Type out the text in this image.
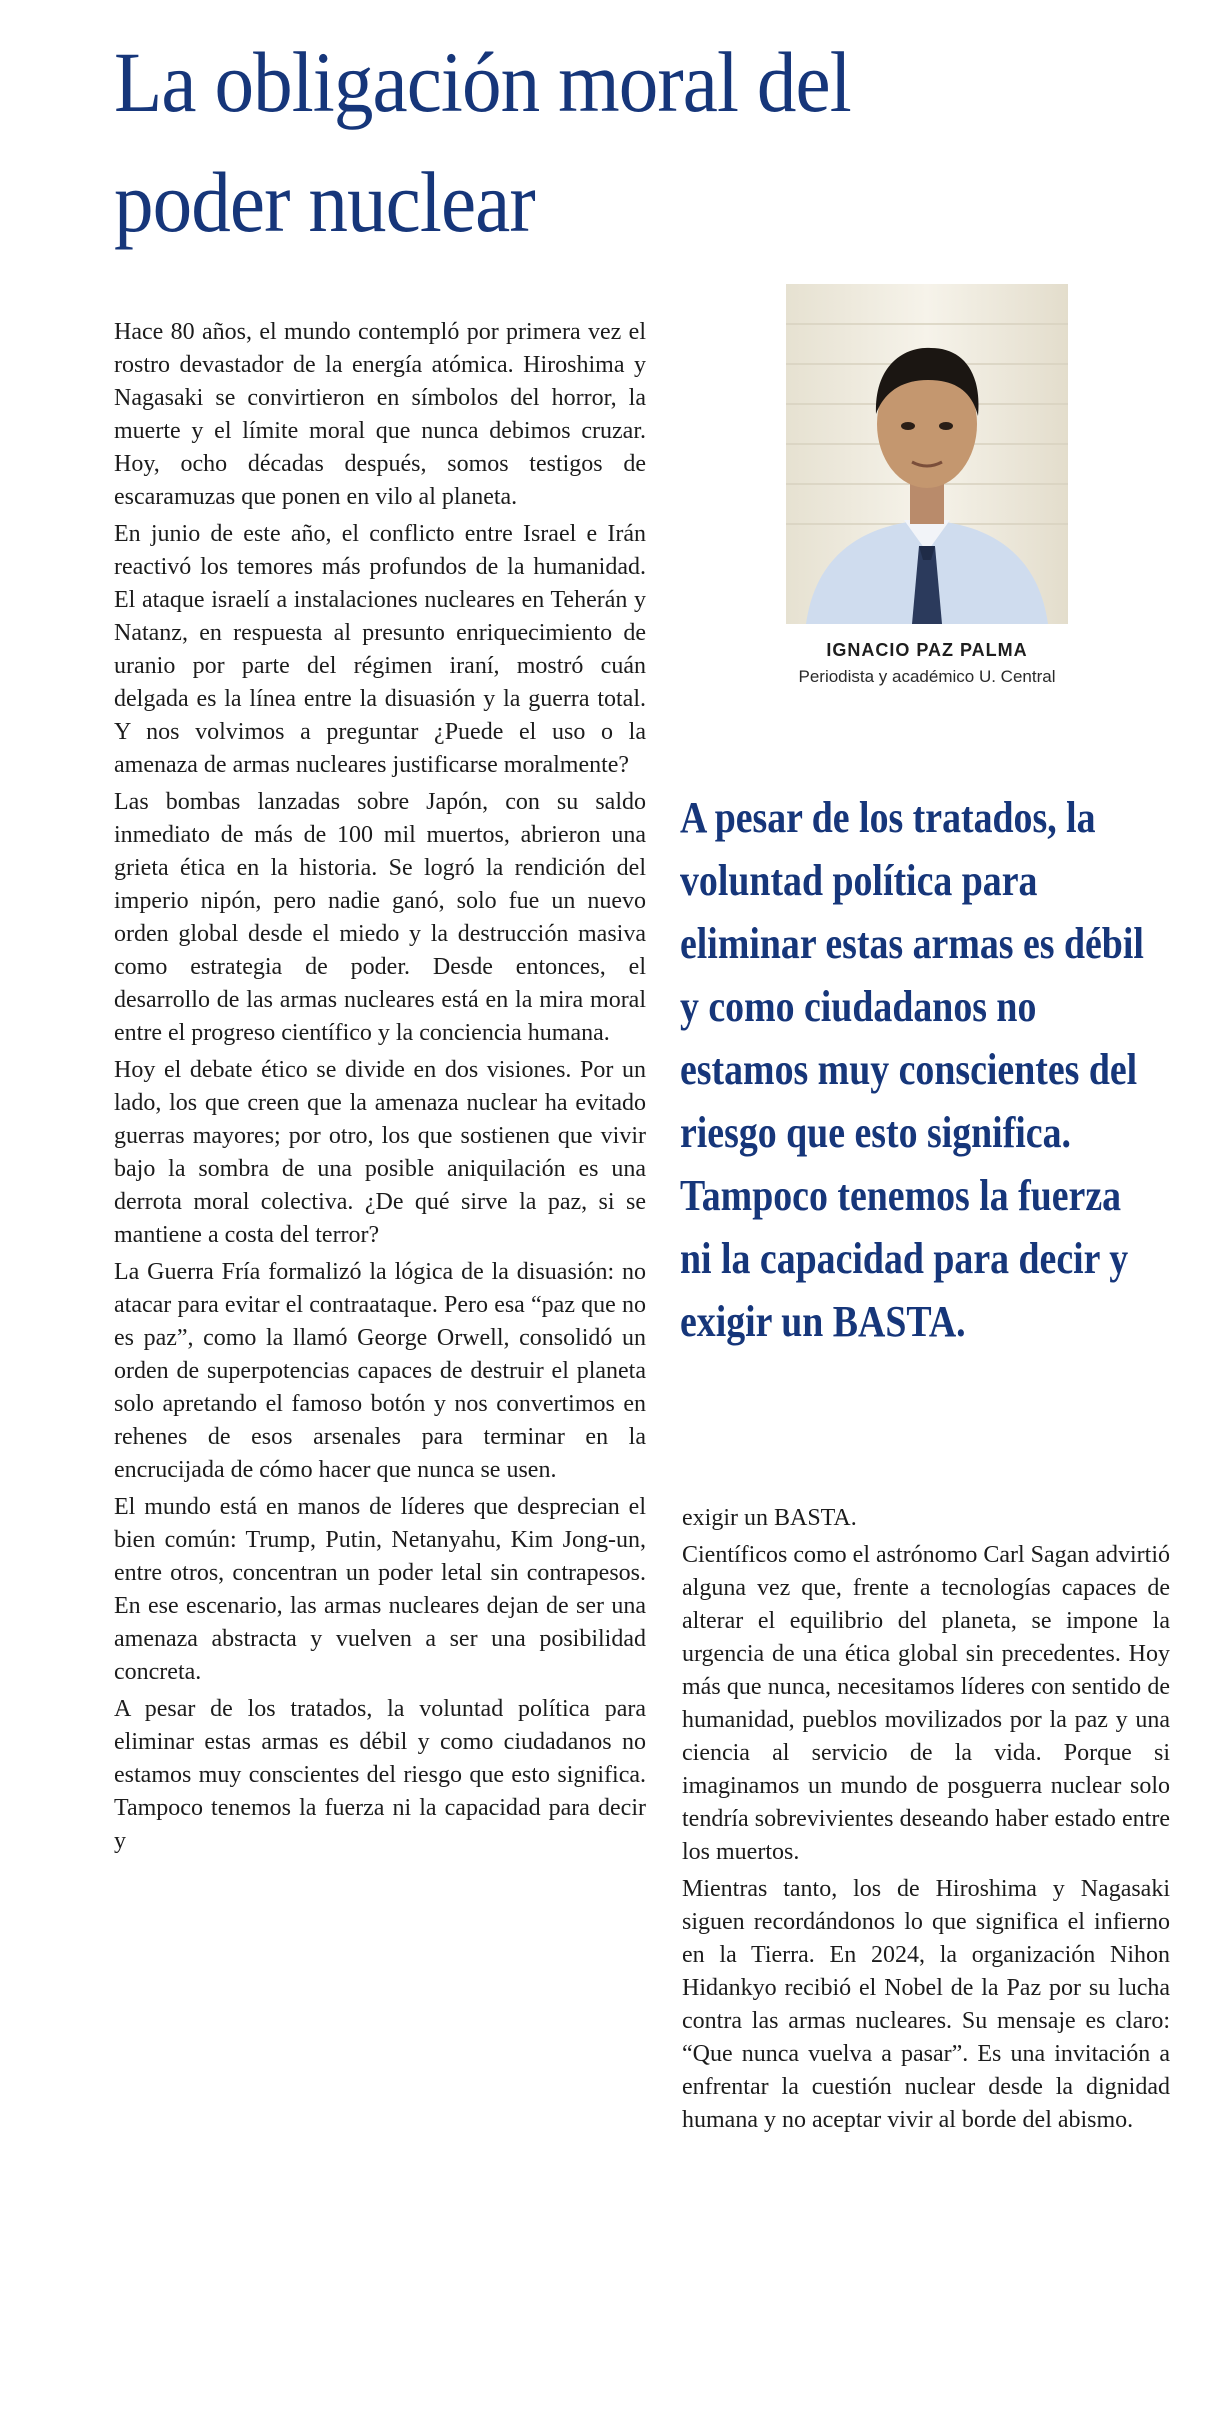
La obligación moral del poder nuclear

Hace 80 años, el mundo contempló por primera vez el rostro devastador de la energía atómica. Hiroshima y Nagasaki se convirtieron en símbolos del horror, la muerte y el límite moral que nunca debimos cruzar. Hoy, ocho décadas después, somos testigos de escaramuzas que ponen en vilo al planeta.

En junio de este año, el conflicto entre Israel e Irán reactivó los temores más profundos de la humanidad. El ataque israelí a instalaciones nucleares en Teherán y Natanz, en respuesta al presunto enriquecimiento de uranio por parte del régimen iraní, mostró cuán delgada es la línea entre la disuasión y la guerra total. Y nos volvimos a preguntar ¿Puede el uso o la amenaza de armas nucleares justificarse moralmente?

Las bombas lanzadas sobre Japón, con su saldo inmediato de más de 100 mil muertos, abrieron una grieta ética en la historia. Se logró la rendición del imperio nipón, pero nadie ganó, solo fue un nuevo orden global desde el miedo y la destrucción masiva como estrategia de poder. Desde entonces, el desarrollo de las armas nucleares está en la mira moral entre el progreso científico y la conciencia humana.

Hoy el debate ético se divide en dos visiones. Por un lado, los que creen que la amenaza nuclear ha evitado guerras mayores; por otro, los que sostienen que vivir bajo la sombra de una posible aniquilación es una derrota moral colectiva. ¿De qué sirve la paz, si se mantiene a costa del terror?

La Guerra Fría formalizó la lógica de la disuasión: no atacar para evitar el contraataque. Pero esa “paz que no es paz”, como la llamó George Orwell, consolidó un orden de superpotencias capaces de destruir el planeta solo apretando el famoso botón y nos convertimos en rehenes de esos arsenales para terminar en la encrucijada de cómo hacer que nunca se usen.

El mundo está en manos de líderes que desprecian el bien común: Trump, Putin, Netanyahu, Kim Jong-un, entre otros, concentran un poder letal sin contrapesos. En ese escenario, las armas nucleares dejan de ser una amenaza abstracta y vuelven a ser una posibilidad concreta.

A pesar de los tratados, la voluntad política para eliminar estas armas es débil y como ciudadanos no estamos muy conscientes del riesgo que esto significa. Tampoco tenemos la fuerza ni la capacidad para decir y

IGNACIO PAZ PALMA
Periodista y académico U. Central

A pesar de los tratados, la voluntad política para eliminar estas armas es débil y como ciudadanos no estamos muy conscientes del riesgo que esto significa. Tampoco tenemos la fuerza ni la capacidad para decir y exigir un BASTA.

exigir un BASTA.

Científicos como el astrónomo Carl Sagan advirtió alguna vez que, frente a tecnologías capaces de alterar el equilibrio del planeta, se impone la urgencia de una ética global sin precedentes. Hoy más que nunca, necesitamos líderes con sentido de humanidad, pueblos movilizados por la paz y una ciencia al servicio de la vida. Porque si imaginamos un mundo de posguerra nuclear solo tendría sobrevivientes deseando haber estado entre los muertos.

Mientras tanto, los de Hiroshima y Nagasaki siguen recordándonos lo que significa el infierno en la Tierra. En 2024, la organización Nihon Hidankyo recibió el Nobel de la Paz por su lucha contra las armas nucleares. Su mensaje es claro: “Que nunca vuelva a pasar”. Es una invitación a enfrentar la cuestión nuclear desde la dignidad humana y no aceptar vivir al borde del abismo.
